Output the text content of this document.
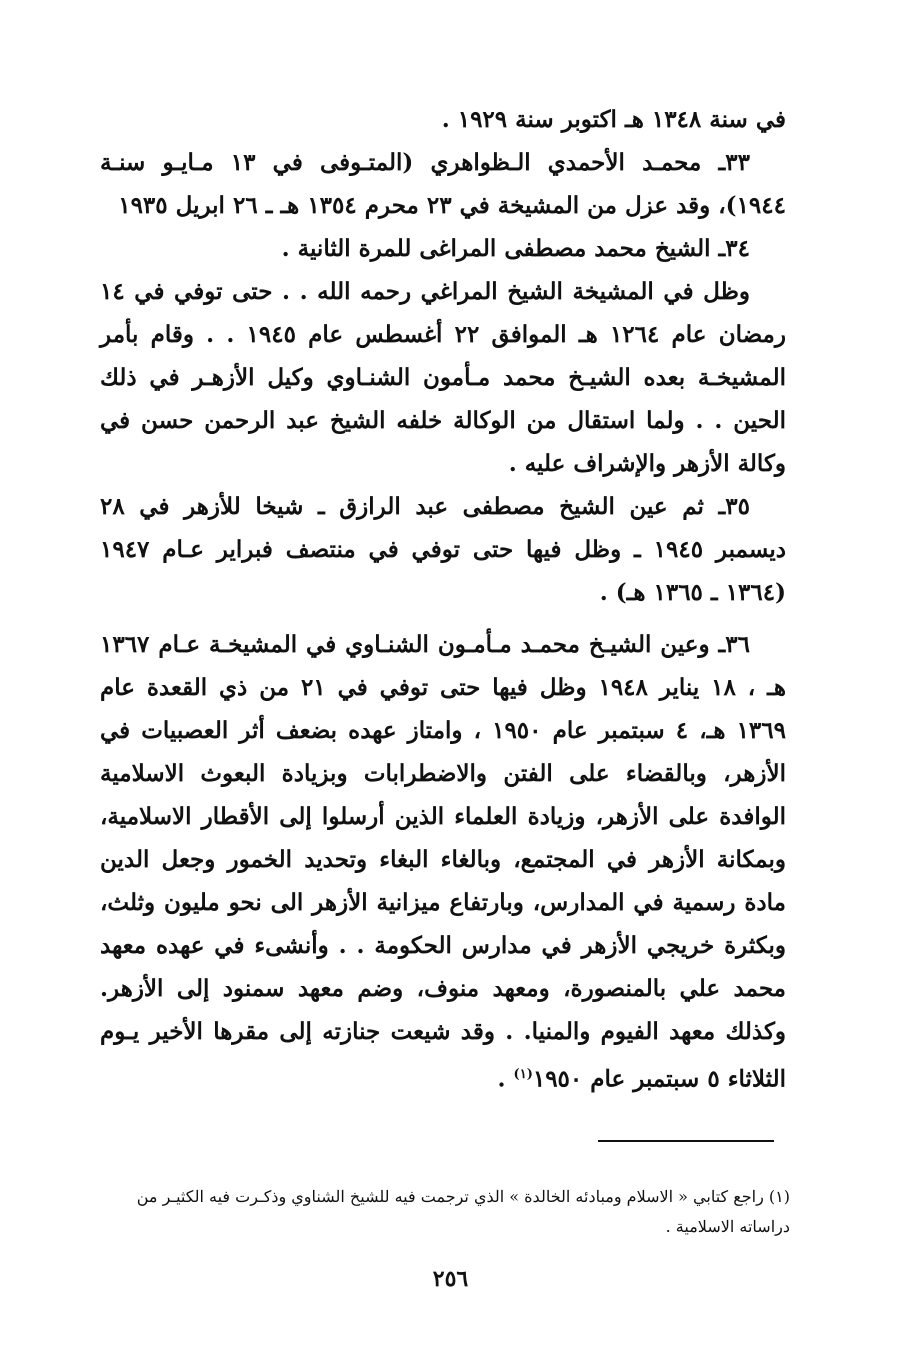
في سنة ١٣٤٨ هـ اكتوبر سنة ١٩٢٩ .

٣٣ـ محمـد الأحمدي الـظواهري (المتـوفى في ١٣ مـايـو سنـة ١٩٤٤)، وقد عزل من المشيخة في ٢٣ محرم ١٣٥٤ هـ ـ ٢٦ ابريل ١٩٣٥

٣٤ـ الشيخ محمد مصطفى المراغى للمرة الثانية .

وظل في المشيخة الشيخ المراغي رحمه الله . . حتى توفي في ١٤ رمضان عام ١٢٦٤ هـ الموافق ٢٢ أغسطس عام ١٩٤٥ . . وقام بأمر المشيخـة بعده الشيـخ محمد مـأمون الشنـاوي وكيل الأزهـر في ذلك الحين . . ولما استقال من الوكالة خلفه الشيخ عبد الرحمن حسن في وكالة الأزهر والإشراف عليه .

٣٥ـ ثم عين الشيخ مصطفى عبد الرازق ـ شيخا للأزهر في ٢٨ ديسمبر ١٩٤٥ ـ وظل فيها حتى توفي في منتصف فبراير عـام ١٩٤٧ (١٣٦٤ ـ ١٣٦٥ هـ) .

٣٦ـ وعين الشيـخ محمـد مـأمـون الشنـاوي في المشيخـة عـام ١٣٦٧ هـ ، ١٨ يناير ١٩٤٨ وظل فيها حتى توفي في ٢١ من ذي القعدة عام ١٣٦٩ هـ، ٤ سبتمبر عام ١٩٥٠ ، وامتاز عهده بضعف أثر العصبيات في الأزهر، وبالقضاء على الفتن والاضطرابات وبزيادة البعوث الاسلامية الوافدة على الأزهر، وزيادة العلماء الذين أرسلوا إلى الأقطار الاسلامية، وبمكانة الأزهر في المجتمع، وبالغاء البغاء وتحديد الخمور وجعل الدين مادة رسمية في المدارس، وبارتفاع ميزانية الأزهر الى نحو مليون وثلث، وبكثرة خريجي الأزهر في مدارس الحكومة . . وأنشىء في عهده معهد محمد علي بالمنصورة، ومعهد منوف، وضم معهد سمنود إلى الأزهر. وكذلك معهد الفيوم والمنيا. . وقد شيعت جنازته إلى مقرها الأخير يـوم الثلاثاء ٥ سبتمبر عام ١٩٥٠$^{(١)}$ .

(١) راجع كتابي « الاسلام ومبادئه الخالدة » الذي ترجمت فيه للشيخ الشناوي وذكـرت فيه الكثيـر من دراساته الاسلامية .

٢٥٦
